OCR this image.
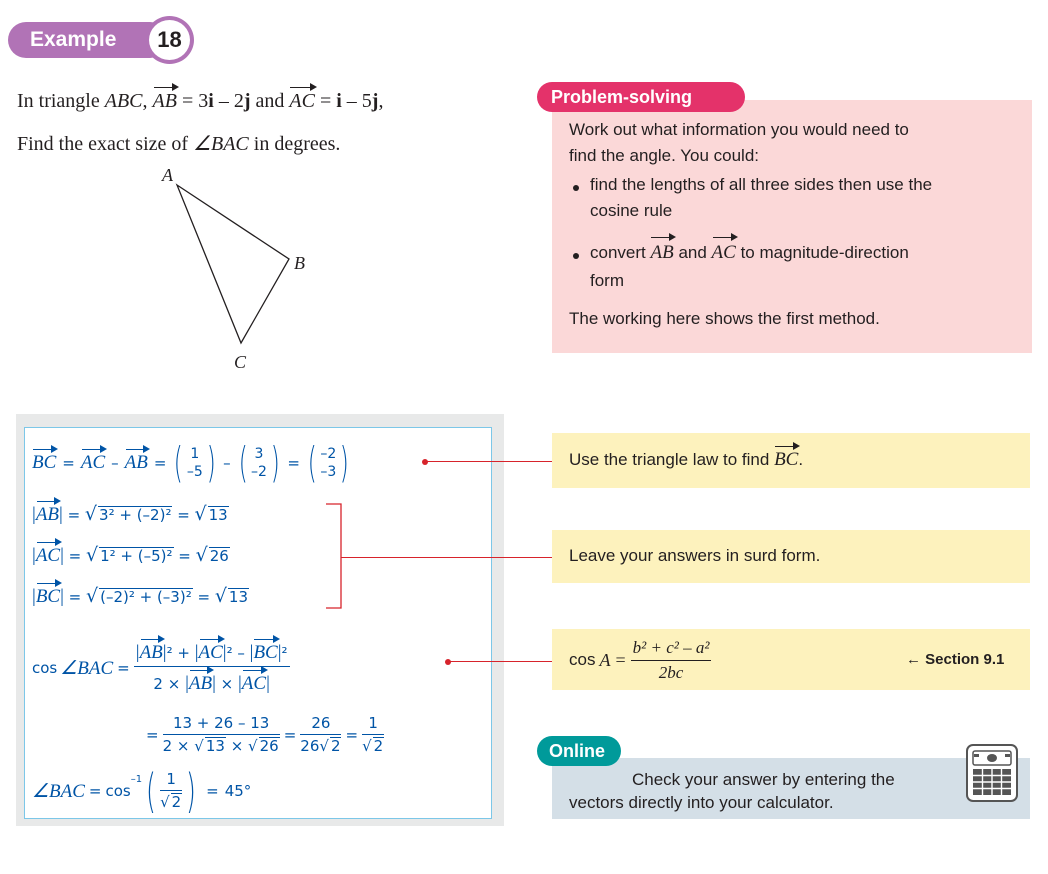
Example	18
In triangle ABC, AB = 3i – 2j and AC = i – 5j,
Find the exact size of ∠BAC in degrees.
A
B
C
Problem-solving
Work out what information you would need to
find the angle. You could:
find the lengths of all three sides then use the
cosine rule
convert AB and AC to magnitude-direction
form
The working here shows the first method.
BC = AC – AB = ( 1
–5 ) – ( 3
–2 ) = ( –2
–3 )
|AB| = √ 3² + (–2)² = √ 13
|AC| = √ 1² + (–5)² = √ 26
|BC| = √ (–2)² + (–3)² = √ 13
cos ∠BAC = $\frac{\text{|AB|² + |AC|² – |BC|²}}{2 \times |AB| \times |AC|}$
= $\frac{13 + 26 - 13}{2 \times √ 13 \times √ 26} = \frac{26}{26√ 2} = \frac{1}{√ 2}$
∠BAC = cos
$^{-1}$ ( $\frac{1}{√ 2}$ ) = 45°
Use the triangle law to find BC.
Leave your answers in surd form.
$\cos A = \frac{\text{b² + c² – a²}}{2bc}$	← Section 9.1
Online
Check your answer by entering the
vectors directly into your calculator.
